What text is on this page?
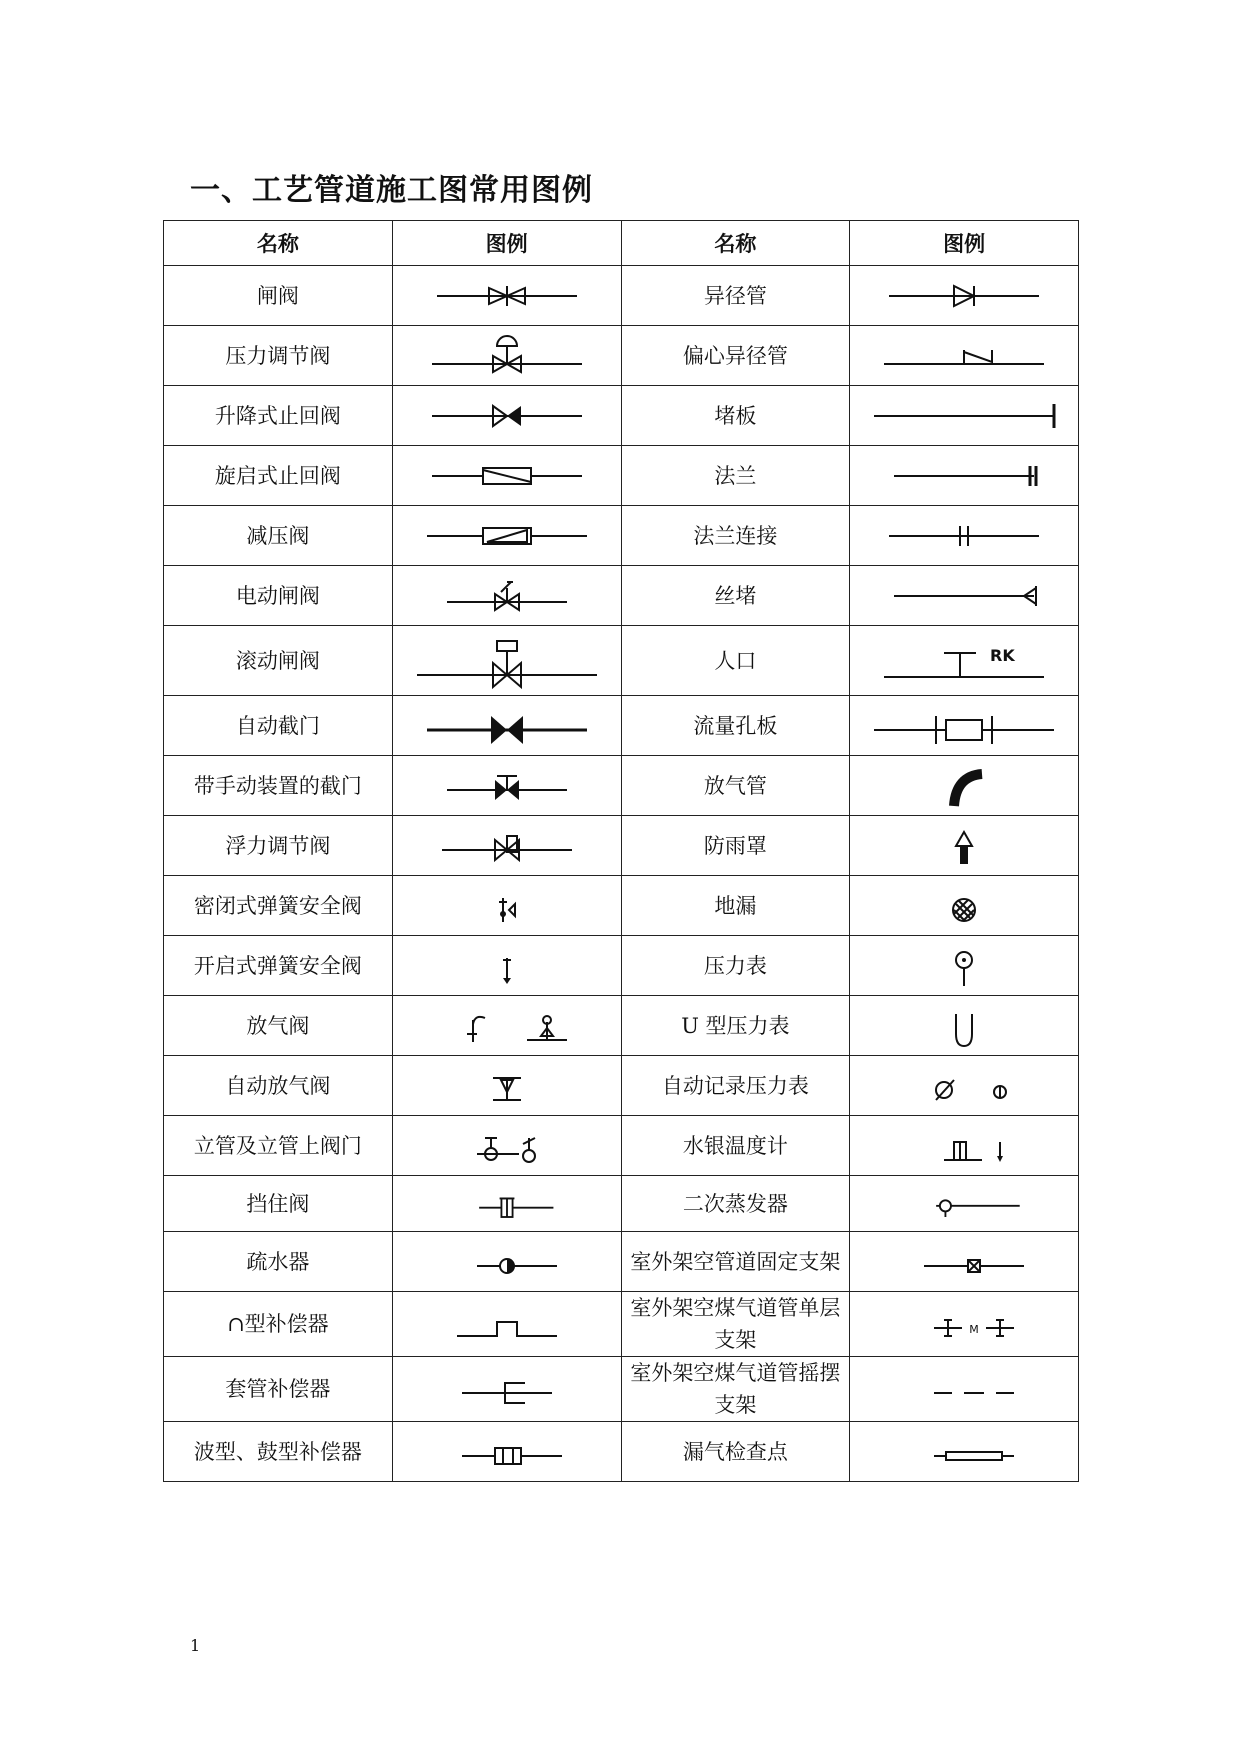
一、工艺管道施工图常用图例
名称	图例	名称	图例
闸阀		异径管	

压力调节阀		偏心异径管	

升降式止回阀		堵板	

旋启式止回阀		法兰	

减压阀		法兰连接	

电动闸阀		丝堵	

滚动闸阀		人口	RK

自动截门		流量孔板	

带手动装置的截门		放气管	

浮力调节阀		防雨罩	

密闭式弹簧安全阀		地漏	

开启式弹簧安全阀		压力表	

放气阀		U 型压力表	

自动放气阀		自动记录压力表	

立管及立管上阀门		水银温度计	

挡住阀		二次蒸发器	

疏水器		室外架空管道固定支架	

∩型补偿器		室外架空煤气道管单层支架	M

套管补偿器		室外架空煤气道管摇摆支架	

波型、鼓型补偿器		漏气检查点	
1
